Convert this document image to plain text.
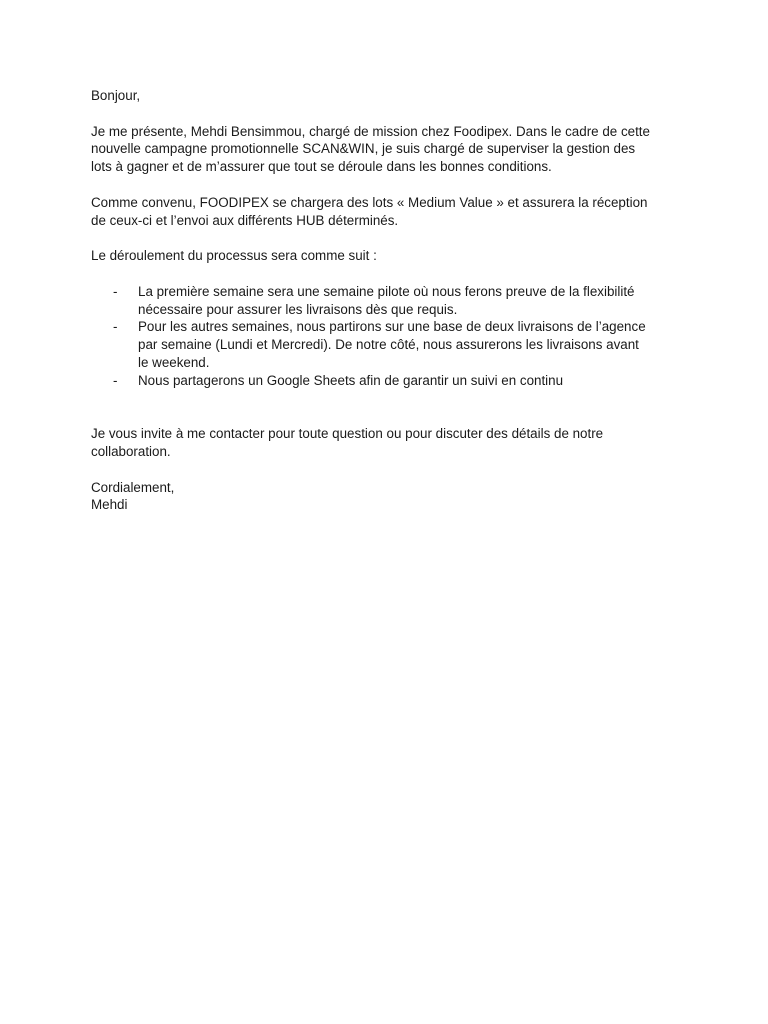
Bonjour,

Je me présente, Mehdi Bensimmou, chargé de mission chez Foodipex. Dans le cadre de cette
nouvelle campagne promotionnelle SCAN&WIN, je suis chargé de superviser la gestion des
lots à gagner et de m’assurer que tout se déroule dans les bonnes conditions.

Comme convenu, FOODIPEX se chargera des lots « Medium Value » et assurera la réception
de ceux-ci et l’envoi aux différents HUB déterminés.

Le déroulement du processus sera comme suit :

- La première semaine sera une semaine pilote où nous ferons preuve de la flexibilité
nécessaire pour assurer les livraisons dès que requis.
- Pour les autres semaines, nous partirons sur une base de deux livraisons de l’agence
par semaine (Lundi et Mercredi). De notre côté, nous assurerons les livraisons avant
le weekend.
- Nous partagerons un Google Sheets afin de garantir un suivi en continu

Je vous invite à me contacter pour toute question ou pour discuter des détails de notre
collaboration.

Cordialement,
Mehdi
